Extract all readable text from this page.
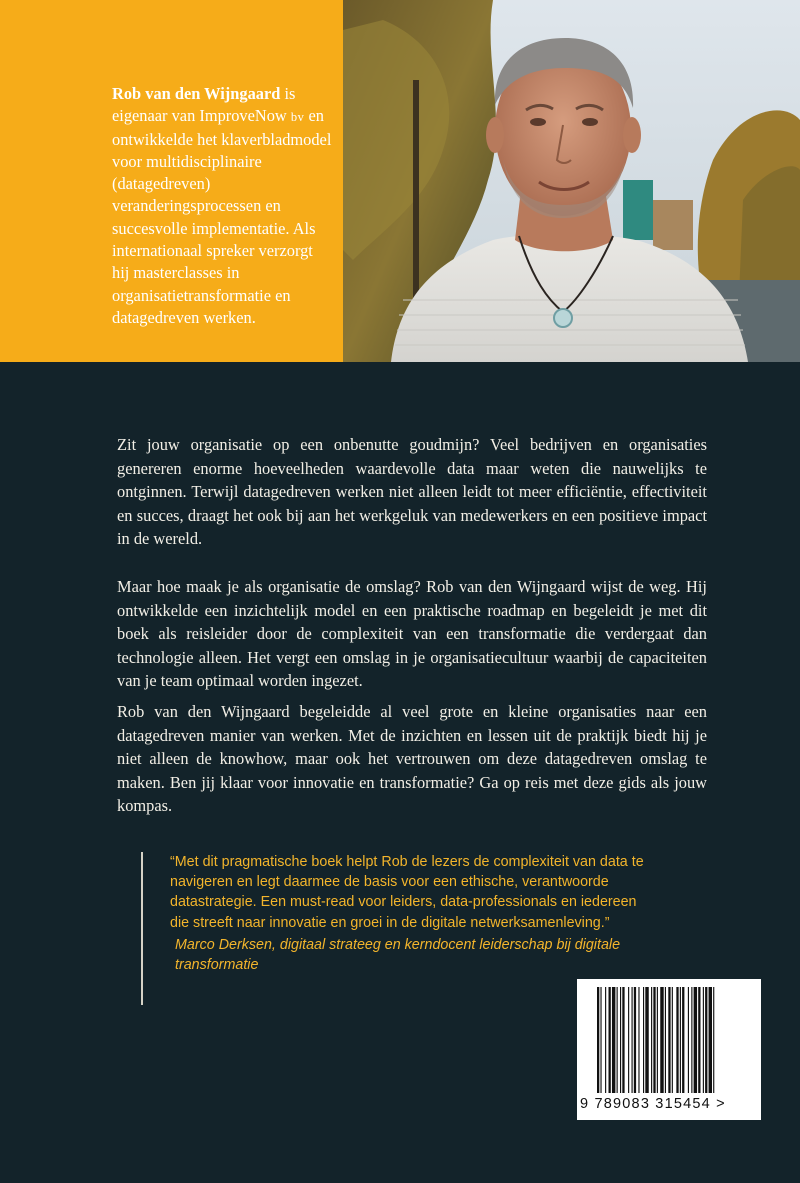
Rob van den Wijngaard is eigenaar van ImproveNow bv en ontwikkelde het klaverbladmodel voor multidisciplinaire (datagedreven) veranderingsprocessen en succesvolle implementatie. Als internationaal spreker verzorgt hij masterclasses in organisatietransformatie en datagedreven werken.

Zit jouw organisatie op een onbenutte goudmijn? Veel bedrijven en organisaties genereren enorme hoeveelheden waardevolle data maar weten die nauwelijks te ontginnen. Terwijl datagedreven werken niet alleen leidt tot meer efficiëntie, effectiviteit en succes, draagt het ook bij aan het werkgeluk van medewerkers en een positieve impact in de wereld.

Maar hoe maak je als organisatie de omslag? Rob van den Wijngaard wijst de weg. Hij ontwikkelde een inzichtelijk model en een praktische roadmap en begeleidt je met dit boek als reisleider door de complexiteit van een transformatie die verdergaat dan technologie alleen. Het vergt een omslag in je organisatiecultuur waarbij de capaciteiten van je team optimaal worden ingezet.

Rob van den Wijngaard begeleidde al veel grote en kleine organisaties naar een datagedreven manier van werken. Met de inzichten en lessen uit de praktijk biedt hij je niet alleen de knowhow, maar ook het vertrouwen om deze datagedreven omslag te maken. Ben jij klaar voor innovatie en transformatie? Ga op reis met deze gids als jouw kompas.

“Met dit pragmatische boek helpt Rob de lezers de complexiteit van data te navigeren en legt daarmee de basis voor een ethische, verantwoorde datastrategie. Een must-read voor leiders, data-professionals en iedereen die streeft naar innovatie en groei in de digitale netwerksamenleving.”

Marco Derksen, digitaal strateeg en kerndocent leiderschap bij digitale transformatie

9 789083 315454 >
